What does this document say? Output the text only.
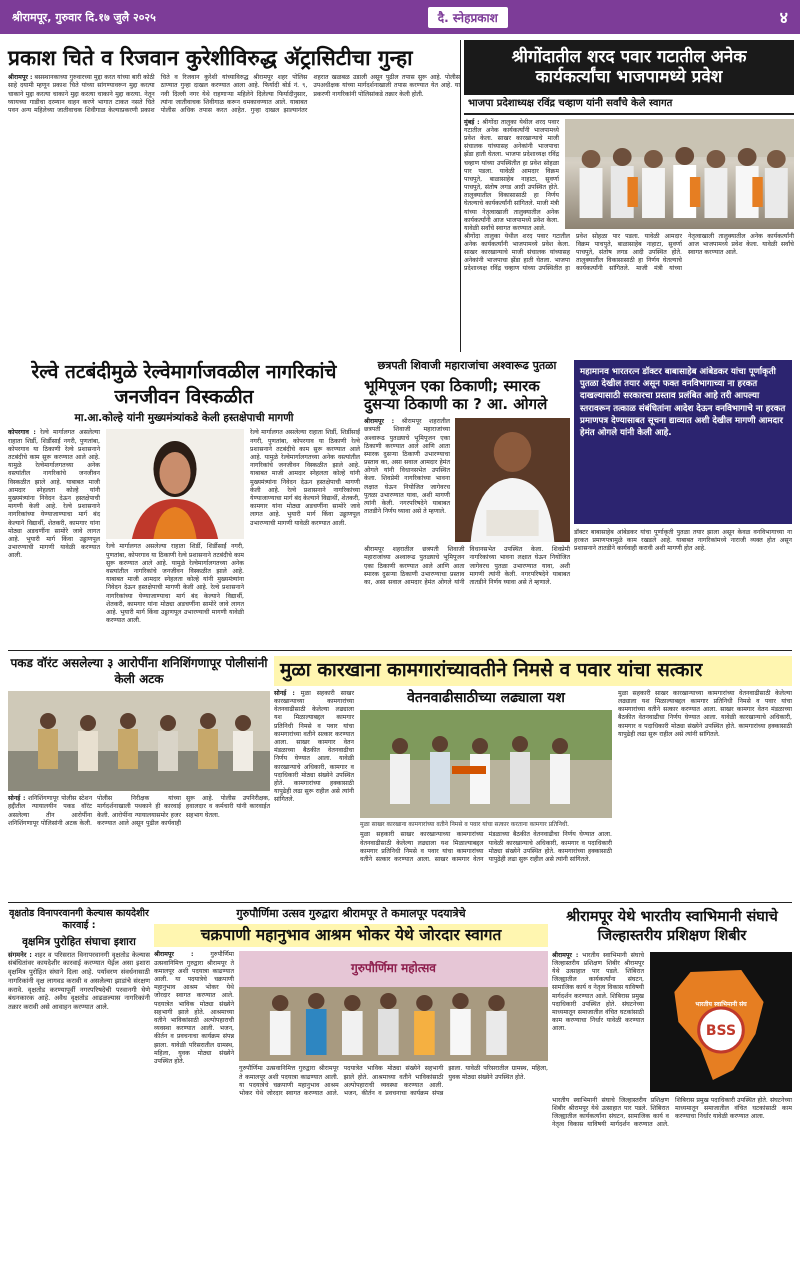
श्रीरामपूर, गुरुवार दि.१७ जुलै २०२५	दै. स्नेहप्रकाश	४
प्रकाश चिते व रिजवान कुरेशीविरुद्ध अ‍ॅट्रासिटीचा गुन्हा
श्रीरामपूर : बसस्थानकाच्या गुरुवारच्या मुद्दा करत यांच्या बारी कोठी साहे दयामी म्हणून प्रकाश चिते यांच्या सांगण्यावरून मुद्दा करत्या चाकाने मुद्दा करत्या चाकाने मुद्दा करत्या चाकाने मुद्दा करत्या. नेतून घ्यायच्या गाडीचा दरम्यान वाहन करणे भागात टाकत नसते चिते पवन अन्य महिलेच्या जातीवाचक शिवीगाळ केल्याप्रकरणी प्रकाश चिते व रिजवान कुरेशी यांच्याविरुद्ध श्रीरामपूर शहर पोलिस ठाण्यात गुन्हा दाखल करण्यात आला आहे. फिर्यादी बोर्ड नं. ९, नवी दिल्ली नगर येथे राहणाऱ्या महिलेने दिलेल्या फिर्यादीनुसार, त्यांना जातीवाचक शिवीगाळ करून धमकावण्यात आले. याबाबत पोलीस अधिक तपास करत आहेत. गुन्हा दाखल झाल्यानंतर शहरात खळबळ उडाली असून पुढील तपास सुरू आहे. पोलीस उपअधीक्षक यांच्या मार्गदर्शनाखाली तपास करण्यात येत आहे. या प्रकरणी नागरिकांनी पोलिसांकडे तक्रार केली होती.
श्रीगोंदातील शरद पवार गटातील अनेक कार्यकर्त्यांचा भाजपामध्ये प्रवेश
भाजपा प्रदेशाध्यक्ष रविंद्र चव्हाण यांनी सर्वांचे केले स्वागत
मुंबई : श्रीगोंदा तालुका येथील शरद पवार गटातील अनेक कार्यकर्त्यांनी भाजपामध्ये प्रवेश केला. साखर कारखान्याचे माजी संचालक यांच्यासह अनेकांनी भाजपाचा झेंडा हाती घेतला. भाजपा प्रदेशाध्यक्ष रविंद्र चव्हाण यांच्या उपस्थितीत हा प्रवेश सोहळा पार पडला. यावेळी आमदार विक्रम पाचपुते, बाळासाहेब नाहाटा, सुवर्णा पाचपुते, संतोष लगड आदी उपस्थित होते. तालुक्यातील विकासासाठी हा निर्णय घेतल्याचे कार्यकर्त्यांनी सांगितले. माजी मंत्री यांच्या नेतृत्वाखाली तालुक्यातील अनेक कार्यकर्त्यांनी आज भाजपामध्ये प्रवेश केला. यावेळी सर्वांचे स्वागत करण्यात आले.
श्रीगोंदा तालुका येथील शरद पवार गटातील अनेक कार्यकर्त्यांनी भाजपामध्ये प्रवेश केला. साखर कारखान्याचे माजी संचालक यांच्यासह अनेकांनी भाजपाचा झेंडा हाती घेतला. भाजपा प्रदेशाध्यक्ष रविंद्र चव्हाण यांच्या उपस्थितीत हा प्रवेश सोहळा पार पडला. यावेळी आमदार विक्रम पाचपुते, बाळासाहेब नाहाटा, सुवर्णा पाचपुते, संतोष लगड आदी उपस्थित होते. तालुक्यातील विकासासाठी हा निर्णय घेतल्याचे कार्यकर्त्यांनी सांगितले. माजी मंत्री यांच्या नेतृत्वाखाली तालुक्यातील अनेक कार्यकर्त्यांनी आज भाजपामध्ये प्रवेश केला. यावेळी सर्वांचे स्वागत करण्यात आले.
रेल्वे तटबंदीमुळे रेल्वेमार्गाजवळील नागरिकांचे जनजीवन विस्कळीत
मा.आ.कोल्हे यांनी मुख्यमंत्र्यांकडे केली हस्तक्षेपाची मागणी
कोपरगाव : रेल्वे मार्गालगत असलेल्या राहाता शिर्डी, शिर्डीसाईं नगरी, पुणतांबा, कोपरगाव या ठिकाणी रेल्वे प्रशासनाने तटबंदीचे काम सुरू करण्यात आले आहे. यामुळे रेल्वेमार्गालगतच्या अनेक वस्त्यांतील नागरिकांचे जनजीवन विस्कळीत झाले आहे. याबाबत माजी आमदार स्नेहलता कोल्हे यांनी मुख्यमंत्र्यांना निवेदन देऊन हस्तक्षेपाची मागणी केली आहे. रेल्वे प्रशासनाने नागरिकांच्या येण्याजाण्याचा मार्ग बंद केल्याने विद्यार्थी, शेतकरी, कामगार यांना मोठ्या अडचणींना सामोरे जावे लागत आहे. भुयारी मार्ग किंवा उड्डाणपूल उभारण्याची मागणी यावेळी करण्यात आली.
रेल्वे मार्गालगत असलेल्या राहाता शिर्डी, शिर्डीसाईं नगरी, पुणतांबा, कोपरगाव या ठिकाणी रेल्वे प्रशासनाने तटबंदीचे काम सुरू करण्यात आले आहे. यामुळे रेल्वेमार्गालगतच्या अनेक वस्त्यांतील नागरिकांचे जनजीवन विस्कळीत झाले आहे. याबाबत माजी आमदार स्नेहलता कोल्हे यांनी मुख्यमंत्र्यांना निवेदन देऊन हस्तक्षेपाची मागणी केली आहे. रेल्वे प्रशासनाने नागरिकांच्या येण्याजाण्याचा मार्ग बंद केल्याने विद्यार्थी, शेतकरी, कामगार यांना मोठ्या अडचणींना सामोरे जावे लागत आहे. भुयारी मार्ग किंवा उड्डाणपूल उभारण्याची मागणी यावेळी करण्यात आली.
रेल्वे मार्गालगत असलेल्या राहाता शिर्डी, शिर्डीसाईं नगरी, पुणतांबा, कोपरगाव या ठिकाणी रेल्वे प्रशासनाने तटबंदीचे काम सुरू करण्यात आले आहे. यामुळे रेल्वेमार्गालगतच्या अनेक वस्त्यांतील नागरिकांचे जनजीवन विस्कळीत झाले आहे. याबाबत माजी आमदार स्नेहलता कोल्हे यांनी मुख्यमंत्र्यांना निवेदन देऊन हस्तक्षेपाची मागणी केली आहे. रेल्वे प्रशासनाने नागरिकांच्या येण्याजाण्याचा मार्ग बंद केल्याने विद्यार्थी, शेतकरी, कामगार यांना मोठ्या अडचणींना सामोरे जावे लागत आहे. भुयारी मार्ग किंवा उड्डाणपूल उभारण्याची मागणी यावेळी करण्यात आली.
छत्रपती शिवाजी महाराजांचा अश्वारूढ पुतळा
भूमिपूजन एका ठिकाणी; स्मारक दुसऱ्या ठिकाणी का ? आ. ओगले
श्रीरामपूर : श्रीरामपूर शहरातील छत्रपती शिवाजी महाराजांच्या अश्वारूढ पुतळ्याचे भूमिपूजन एका ठिकाणी करण्यात आले आणि आता स्मारक दुसऱ्या ठिकाणी उभारण्याचा प्रस्ताव का, असा सवाल आमदार हेमंत ओगले यांनी विधानसभेत उपस्थित केला. शिवप्रेमी नागरिकांच्या भावना लक्षात घेऊन नियोजित जागेवरच पुतळा उभारण्यात यावा, अशी मागणी त्यांनी केली. नगरपरिषदेने याबाबत तातडीने निर्णय घ्यावा असे ते म्हणाले.
श्रीरामपूर शहरातील छत्रपती शिवाजी महाराजांच्या अश्वारूढ पुतळ्याचे भूमिपूजन एका ठिकाणी करण्यात आले आणि आता स्मारक दुसऱ्या ठिकाणी उभारण्याचा प्रस्ताव का, असा सवाल आमदार हेमंत ओगले यांनी विधानसभेत उपस्थित केला. शिवप्रेमी नागरिकांच्या भावना लक्षात घेऊन नियोजित जागेवरच पुतळा उभारण्यात यावा, अशी मागणी त्यांनी केली. नगरपरिषदेने याबाबत तातडीने निर्णय घ्यावा असे ते म्हणाले.
महामानव भारतरत्न डॉक्टर बाबासाहेब आंबेडकर यांचा पूर्णाकृती पुतळा देखील तयार असून फक्त वनविभागाच्या ना हरकत दाखल्यासाठी सरकारचा प्रस्ताव प्रलंबित आहे तरी आपल्या स्तरावरून तत्काळ संबंधितांना आदेश देऊन वनविभागाचे ना हरकत प्रमाणपत्र देण्यासाबत सूचना द्याव्यात अशी देखील मागणी आमदार हेमंत ओगले यांनी केली आहे.
डॉक्टर बाबासाहेब आंबेडकर यांचा पूर्णाकृती पुतळा तयार झाला असून केवळ वनविभागाच्या ना हरकत प्रमाणपत्रामुळे काम रखडले आहे. याबाबत नागरिकांमध्ये नाराजी व्यक्त होत असून प्रशासनाने तातडीने कार्यवाही करावी अशी मागणी होत आहे.
पकड वॉरंट असलेल्या ३ आरोपींना शनिशिंगणापूर पोलीसांनी केली अटक
सोनई : शनिशिंगणापूर पोलीस स्टेशन हद्दीतील न्यायालयीन पकड वॉरंट असलेल्या तीन आरोपींना शनिशिंगणापूर पोलिसांनी अटक केली. पोलीस निरीक्षक यांच्या मार्गदर्शनाखाली पथकाने ही कारवाई केली. आरोपींना न्यायालयासमोर हजर करण्यात आले असून पुढील कार्यवाही सुरू आहे. पोलीस उपनिरीक्षक, हवालदार व कर्मचारी यांनी कारवाईत सहभाग घेतला.
मुळा कारखाना कामगारांच्यावतीने निमसे व पवार यांचा सत्कार
सोनई : मुळा सहकारी साखर कारखान्याच्या कामगारांच्या वेतनवाढीसाठी केलेल्या लढ्याला यश मिळाल्याबद्दल कामगार प्रतिनिधी निमसे व पवार यांचा कामगारांच्या वतीने सत्कार करण्यात आला. साखर कामगार वेतन मंडळाच्या बैठकीत वेतनवाढीचा निर्णय घेण्यात आला. यावेळी कारखान्याचे अधिकारी, कामगार व पदाधिकारी मोठ्या संख्येने उपस्थित होते. कामगारांच्या हक्कासाठी यापुढेही लढा सुरू राहील असे त्यांनी सांगितले.
वेतनवाढीसाठीच्या लढ्याला यश
मुळा साखर कारखाना कामगारांच्या वतीने निमसे व पवार यांचा सत्कार करताना कामगार प्रतिनिधी.
मुळा सहकारी साखर कारखान्याच्या कामगारांच्या वेतनवाढीसाठी केलेल्या लढ्याला यश मिळाल्याबद्दल कामगार प्रतिनिधी निमसे व पवार यांचा कामगारांच्या वतीने सत्कार करण्यात आला. साखर कामगार वेतन मंडळाच्या बैठकीत वेतनवाढीचा निर्णय घेण्यात आला. यावेळी कारखान्याचे अधिकारी, कामगार व पदाधिकारी मोठ्या संख्येने उपस्थित होते. कामगारांच्या हक्कासाठी यापुढेही लढा सुरू राहील असे त्यांनी सांगितले.
मुळा सहकारी साखर कारखान्याच्या कामगारांच्या वेतनवाढीसाठी केलेल्या लढ्याला यश मिळाल्याबद्दल कामगार प्रतिनिधी निमसे व पवार यांचा कामगारांच्या वतीने सत्कार करण्यात आला. साखर कामगार वेतन मंडळाच्या बैठकीत वेतनवाढीचा निर्णय घेण्यात आला. यावेळी कारखान्याचे अधिकारी, कामगार व पदाधिकारी मोठ्या संख्येने उपस्थित होते. कामगारांच्या हक्कासाठी यापुढेही लढा सुरू राहील असे त्यांनी सांगितले.
वृक्षतोड विनापरवानगी केल्यास कायदेशीर कारवाई :
वृक्षमित्र पुरोहित संघाचा इशारा
संगमनेर : शहर व परिसरात विनापरवानगी वृक्षतोड केल्यास संबंधितांवर कायदेशीर कारवाई करण्यात येईल असा इशारा वृक्षमित्र पुरोहित संघाने दिला आहे. पर्यावरण संवर्धनासाठी नागरिकांनी वृक्ष लागवड करावी व असलेल्या झाडांचे संरक्षण करावे. वृक्षतोड करण्यापूर्वी नगरपरिषदेची परवानगी घेणे बंधनकारक आहे. अवैध वृक्षतोड आढळल्यास नागरिकांनी तक्रार करावी असे आवाहन करण्यात आले.
गुरुपौर्णिमा उत्सव गुरुद्वारा श्रीरामपूर ते कमालपूर पदयात्रेचे
चक्रपाणी महानुभाव आश्रम भोकर येथे जोरदार स्वागत
श्रीरामपूर :	गुरुपौर्णिमा उत्सवानिमित्त गुरुद्वारा श्रीरामपूर ते कमालपूर अशी पदयात्रा काढण्यात आली. या पदयात्रेचे चक्रपाणी महानुभाव आश्रम भोकर येथे जोरदार स्वागत करण्यात आले. पदयात्रेत भाविक मोठ्या संख्येने सहभागी झाले होते. आश्रमाच्या वतीने भाविकांसाठी अल्पोपहाराची व्यवस्था करण्यात आली. भजन, कीर्तन व प्रवचनाचा कार्यक्रम संपन्न झाला. यावेळी परिसरातील ग्रामस्थ, महिला, युवक मोठ्या संख्येने उपस्थित होते.
गुरुपौर्णिमा महोत्सव
गुरुपौर्णिमा उत्सवानिमित्त गुरुद्वारा श्रीरामपूर ते कमालपूर अशी पदयात्रा काढण्यात आली. या पदयात्रेचे चक्रपाणी महानुभाव आश्रम भोकर येथे जोरदार स्वागत करण्यात आले. पदयात्रेत भाविक मोठ्या संख्येने सहभागी झाले होते. आश्रमाच्या वतीने भाविकांसाठी अल्पोपहाराची व्यवस्था करण्यात आली. भजन, कीर्तन व प्रवचनाचा कार्यक्रम संपन्न झाला. यावेळी परिसरातील ग्रामस्थ, महिला, युवक मोठ्या संख्येने उपस्थित होते.
श्रीरामपूर येथे भारतीय स्वाभिमानी संघाचे जिल्हास्तरीय प्रशिक्षण शिबीर
श्रीरामपूर : भारतीय स्वाभिमानी संघाचे जिल्हास्तरीय प्रशिक्षण शिबीर श्रीरामपूर येथे उत्साहात पार पडले. शिबिरात जिल्ह्यातील कार्यकर्त्यांना संघटन, सामाजिक कार्य व नेतृत्व विकास याविषयी मार्गदर्शन करण्यात आले. शिबिरास प्रमुख पदाधिकारी उपस्थित होते. संघटनेच्या माध्यमातून समाजातील वंचित घटकांसाठी काम करण्याचा निर्धार यावेळी करण्यात आला.
भारतीय स्वाभिमानी संघ
BSS
भारतीय स्वाभिमानी संघाचे जिल्हास्तरीय प्रशिक्षण शिबीर श्रीरामपूर येथे उत्साहात पार पडले. शिबिरात जिल्ह्यातील कार्यकर्त्यांना संघटन, सामाजिक कार्य व नेतृत्व विकास याविषयी मार्गदर्शन करण्यात आले. शिबिरास प्रमुख पदाधिकारी उपस्थित होते. संघटनेच्या माध्यमातून समाजातील वंचित घटकांसाठी काम करण्याचा निर्धार यावेळी करण्यात आला.
